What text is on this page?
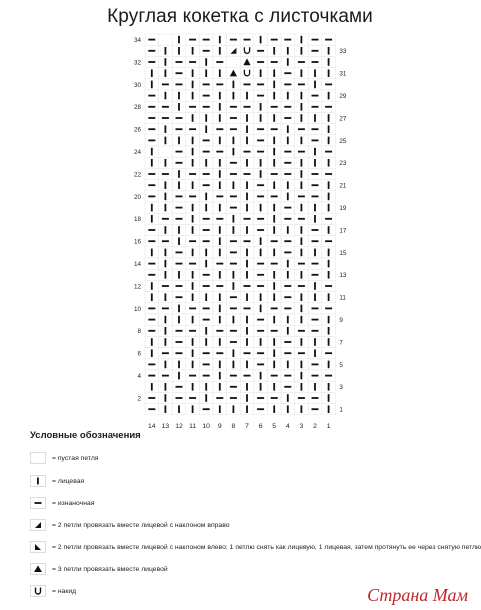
Круглая кокетка с листочками
14 13 12 11 10 9 8 7 6 5 4 3 2 1
2
4
6
8
10
12
14
16
18
20
22
24
26
28
30
32
34
1
3
5
7
9
11
13
15
17
19
21
23
25
27
29
31
33
Условные обозначения
= пустая петля
= лицевая
= изнаночная
= 2 петли провязать вместе лицевой с наклоном вправо
= 2 петли провязать вместе лицевой с наклоном влево: 1 петлю снять как лицевую, 1 лицевая, затем протянуть ее через снятую петлю
= 3 петли провязать вместе лицевой
= накид	Страна Мам
